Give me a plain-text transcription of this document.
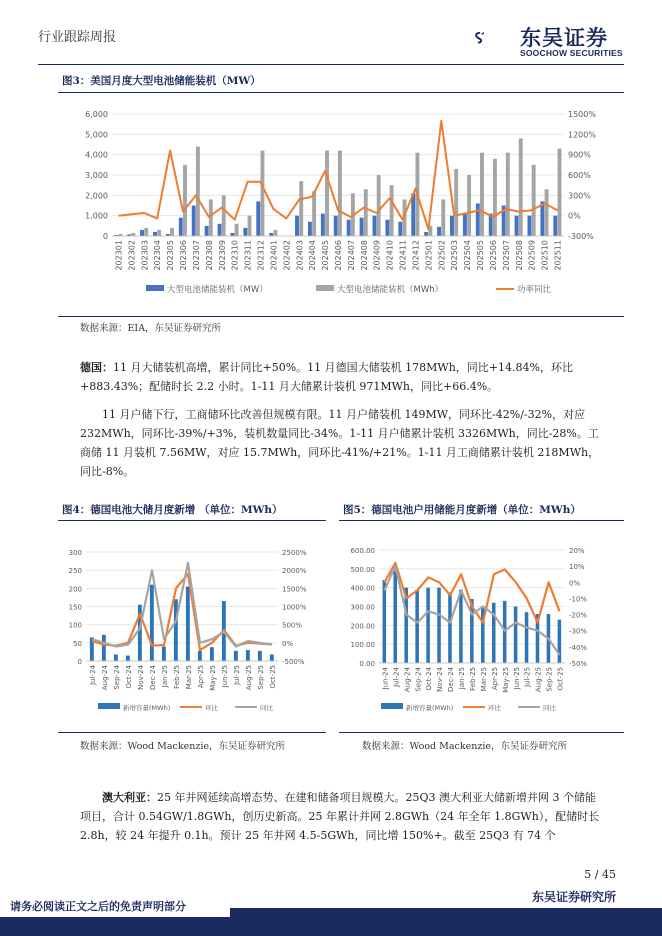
行业跟踪周报	东吴证券
SOOCHOW SECURITIES
图3：美国月度大型电池储能装机（MW）
0
1,000
2,000
3,000
4,000
5,000
6,000
-300%
0%
300%
600%
900%
1200%
1500%
202301 202302 202303 202304 202305 202306 202307 202308 202309 202310 202311 202312 202401 202402 202403 202404 202405 202406 202407 202408 202409 202410 202411 202412 202501 202502 202503 202504 202505 202506 202507 202508 202509 202510 202511
大型电池储能装机（MW）	大型电池储能装机（MWh）	功率同比
数据来源：EIA，东吴证券研究所
德国：11 月大储装机高增，累计同比+50%。11 月德国大储装机 178MWh，同比+14.84%，环比+883.43%；配储时长 2.2 小时。1-11 月大储累计装机 971MWh，同比+66.4%。
11 月户储下行，工商储环比改善但规模有限。11 月户储装机 149MW，同环比-42%/-32%，对应 232MWh，同环比-39%/+3%，装机数量同比-34%。1-11 月户储累计装机 3326MWh，同比-28%。工商储 11 月装机 7.56MW，对应 15.7MWh，同环比-41%/+21%。1-11 月工商储累计装机 218MWh，同比-8%。
图4：德国电池大储月度新增 （单位：MWh）
0
50
100
150
200
250
300
-500%
0%
500%
1000%
1500%
2000%
2500%
Jul-24 Aug-24 Sep-24 Oct-24 Nov-24 Dec-24 Jan-25 Feb-25 Mar-25 Apr-25 May-25 Jun-25 Jul-25 Aug-25 Sep-25 Oct-25
新增容量(MWh)	环比	同比
数据来源：Wood Mackenzie，东吴证券研究所
图5：德国电池户用储能月度新增（单位：MWh）
0.00
100.00
200.00
300.00
400.00
500.00
600.00
-50%
-40%
-30%
-20%
-10%
0%
10%
20%
Jun-24 Jul-24 Aug-24 Sep-24 Oct-24 Nov-24 Dec-24 Jan-25 Feb-25 Mar-25 Apr-25 May-25 Jun-25 Jul-25 Aug-25 Sep-25 Oct-25
新增容量(MWh)	环比	同比
数据来源：Wood Mackenzie，东吴证券研究所
澳大利亚：25 年并网延续高增态势、在建和储备项目规模大。25Q3 澳大利亚大储新增并网 3 个储能项目，合计 0.54GW/1.8GWh，创历史新高。25 年累计并网 2.8GWh（24 年全年 1.8GWh），配储时长 2.8h，较 24 年提升 0.1h。预计 25 年并网 4.5-5GWh，同比增 150%+。截至 25Q3 有 74 个
5 / 45
东吴证券研究所
请务必阅读正文之后的免责声明部分
